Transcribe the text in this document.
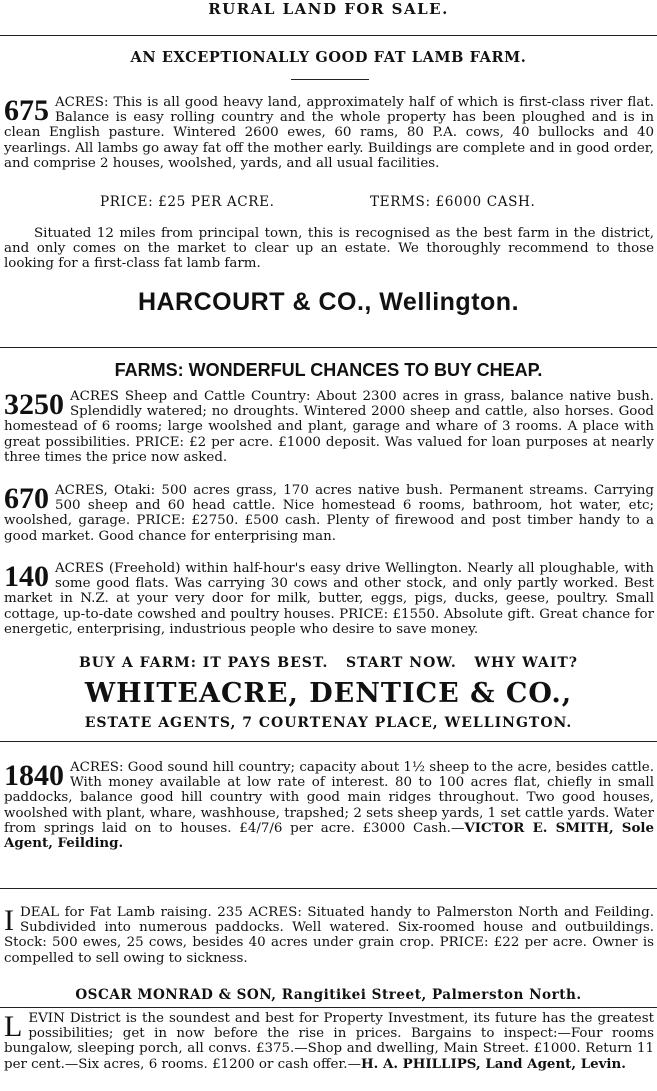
RURAL LAND FOR SALE.
AN EXCEPTIONALLY GOOD FAT LAMB FARM.
675 ACRES: This is all good heavy land, approximately half of which is first-class river flat. Balance is easy rolling country and the whole property has been ploughed and is in clean English pasture. Wintered 2600 ewes, 60 rams, 80 P.A. cows, 40 bullocks and 40 yearlings. All lambs go away fat off the mother early. Buildings are complete and in good order, and comprise 2 houses, woolshed, yards, and all usual facilities.

PRICE: £25 PER ACRE.	TERMS: £6000 CASH.
Situated 12 miles from principal town, this is recognised as the best farm in the district, and only comes on the market to clear up an estate. We thoroughly recommend to those looking for a first-class fat lamb farm.
HARCOURT & CO., Wellington.
FARMS: WONDERFUL CHANCES TO BUY CHEAP.
3250 ACRES Sheep and Cattle Country: About 2300 acres in grass, balance native bush. Splendidly watered; no droughts. Wintered 2000 sheep and cattle, also horses. Good homestead of 6 rooms; large woolshed and plant, garage and whare of 3 rooms. A place with great possibilities. PRICE: £2 per acre. £1000 deposit. Was valued for loan purposes at nearly three times the price now asked.

670 ACRES, Otaki: 500 acres grass, 170 acres native bush. Permanent streams. Carrying 500 sheep and 60 head cattle. Nice homestead 6 rooms, bathroom, hot water, etc; woolshed, garage. PRICE: £2750. £500 cash. Plenty of firewood and post timber handy to a good market. Good chance for enterprising man.

140 ACRES (Freehold) within half-hour's easy drive Wellington. Nearly all ploughable, with some good flats. Was carrying 30 cows and other stock, and only partly worked. Best market in N.Z. at your very door for milk, butter, eggs, pigs, ducks, geese, poultry. Small cottage, up-to-date cowshed and poultry houses. PRICE: £1550. Absolute gift. Great chance for energetic, enterprising, industrious people who desire to save money.

BUY A FARM: IT PAYS BEST.   START NOW.   WHY WAIT?
WHITEACRE, DENTICE & CO.,
ESTATE AGENTS, 7 COURTENAY PLACE, WELLINGTON.
1840 ACRES: Good sound hill country; capacity about 1½ sheep to the acre, besides cattle. With money available at low rate of interest. 80 to 100 acres flat, chiefly in small paddocks, balance good hill country with good main ridges throughout. Two good houses, woolshed with plant, whare, washhouse, trapshed; 2 sets sheep yards, 1 set cattle yards. Water from springs laid on to houses. £4/7/6 per acre. £3000 Cash.—VICTOR E. SMITH, Sole Agent, Feilding.

I DEAL for Fat Lamb raising. 235 ACRES: Situated handy to Palmerston North and Feilding. Subdivided into numerous paddocks. Well watered. Six-roomed house and outbuildings. Stock: 500 ewes, 25 cows, besides 40 acres under grain crop. PRICE: £22 per acre. Owner is compelled to sell owing to sickness.

OSCAR MONRAD & SON, Rangitikei Street, Palmerston North.
L EVIN District is the soundest and best for Property Investment, its future has the greatest possibilities; get in now before the rise in prices. Bargains to inspect:—Four rooms bungalow, sleeping porch, all convs. £375.—Shop and dwelling, Main Street. £1000. Return 11 per cent.—Six acres, 6 rooms. £1200 or cash offer.—H. A. PHILLIPS, Land Agent, Levin.
